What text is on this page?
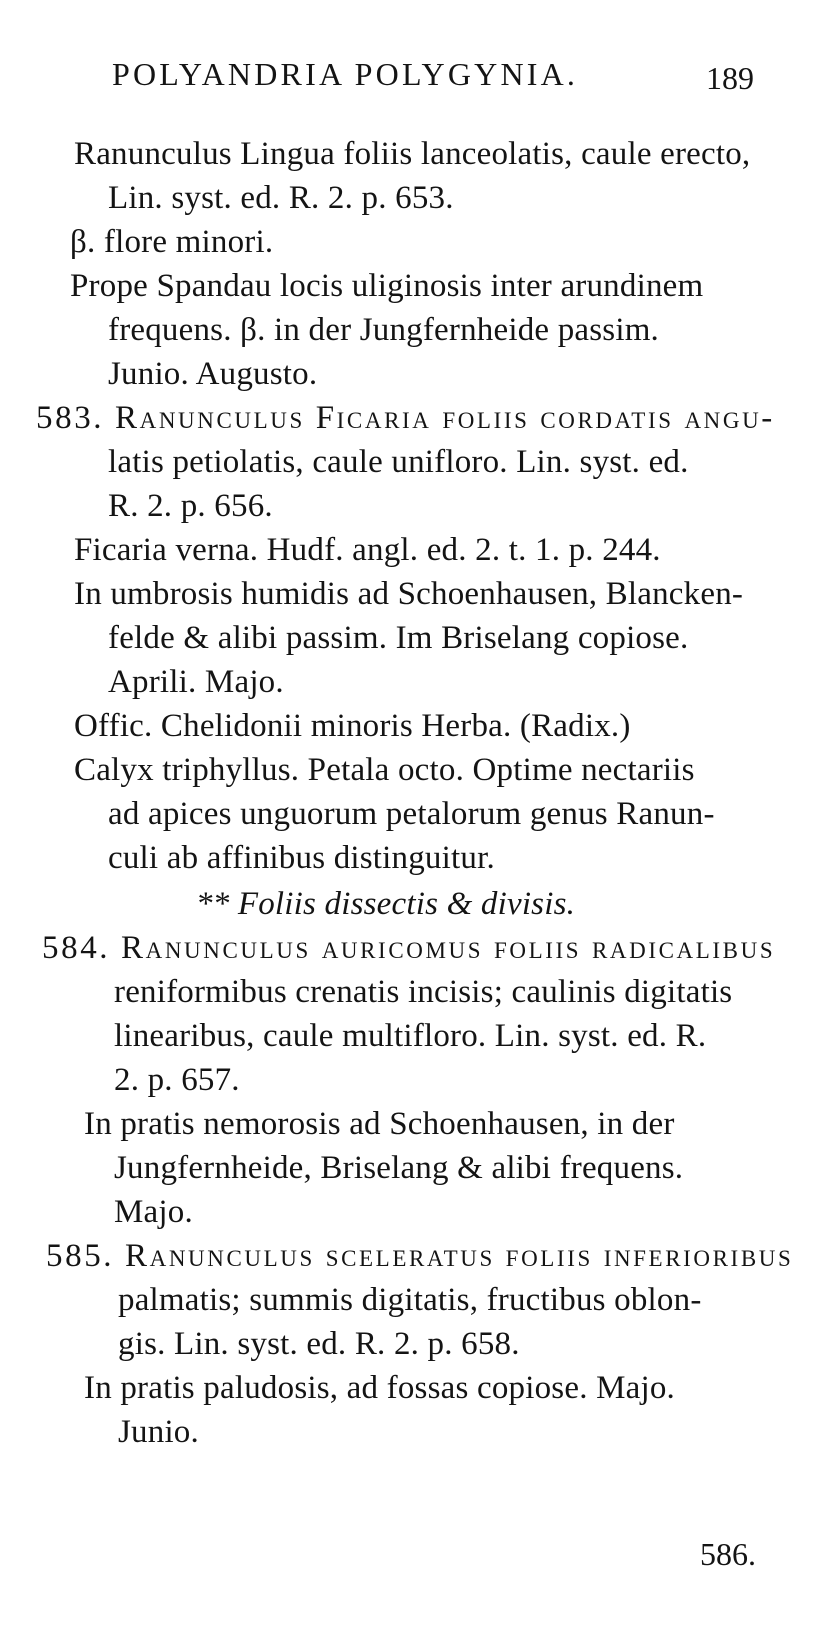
POLYANDRIA POLYGYNIA.	189
Ranunculus Lingua foliis lanceolatis, caule erecto,
Lin. syst. ed. R. 2. p. 653.
β. flore minori.
Prope Spandau locis uliginosis inter arundinem
frequens. β. in der Jungfernheide passim.
Junio. Augusto.
583. Ranunculus Ficaria foliis cordatis angu-
latis petiolatis, caule unifloro. Lin. syst. ed.
R. 2. p. 656.
Ficaria verna. Hudf. angl. ed. 2. t. 1. p. 244.
In umbrosis humidis ad Schoenhausen, Blancken-
felde & alibi passim. Im Briselang copiose.
Aprili. Majo.
Offic. Chelidonii minoris Herba. (Radix.)
Calyx triphyllus. Petala octo. Optime nectariis
ad apices unguorum petalorum genus Ranun-
culi ab affinibus distinguitur.
** Foliis dissectis & divisis.
584. Ranunculus auricomus foliis radicalibus
reniformibus crenatis incisis; caulinis digitatis
linearibus, caule multifloro. Lin. syst. ed. R.
2. p. 657.
In pratis nemorosis ad Schoenhausen, in der
Jungfernheide, Briselang & alibi frequens.
Majo.
585. Ranunculus sceleratus foliis inferioribus
palmatis; summis digitatis, fructibus oblon-
gis. Lin. syst. ed. R. 2. p. 658.
In pratis paludosis, ad fossas copiose. Majo.
Junio.
586.
